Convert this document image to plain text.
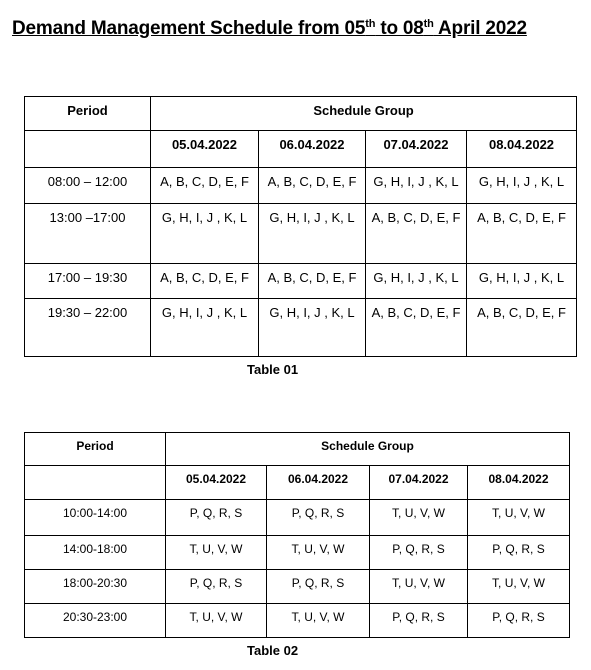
Demand Management Schedule from 05th to 08th April 2022
Period	Schedule Group			
	05.04.2022	06.04.2022	07.04.2022	08.04.2022
08:00 – 12:00	A, B, C, D, E, F	A, B, C, D, E, F	G, H, I, J , K, L	G, H, I, J , K, L
13:00 –17:00	G, H, I, J , K, L	G, H, I, J , K, L	A, B, C, D, E, F	A, B, C, D, E, F
17:00 – 19:30	A, B, C, D, E, F	A, B, C, D, E, F	G, H, I, J , K, L	G, H, I, J , K, L
19:30 – 22:00	G, H, I, J , K, L	G, H, I, J , K, L	A, B, C, D, E, F	A, B, C, D, E, F
Table 01
Period	Schedule Group			
	05.04.2022	06.04.2022	07.04.2022	08.04.2022
10:00-14:00	P, Q, R, S	P, Q, R, S	T, U, V, W	T, U, V, W
14:00-18:00	T, U, V, W	T, U, V, W	P, Q, R, S	P, Q, R, S
18:00-20:30	P, Q, R, S	P, Q, R, S	T, U, V, W	T, U, V, W
20:30-23:00	T, U, V, W	T, U, V, W	P, Q, R, S	P, Q, R, S
Table 02
